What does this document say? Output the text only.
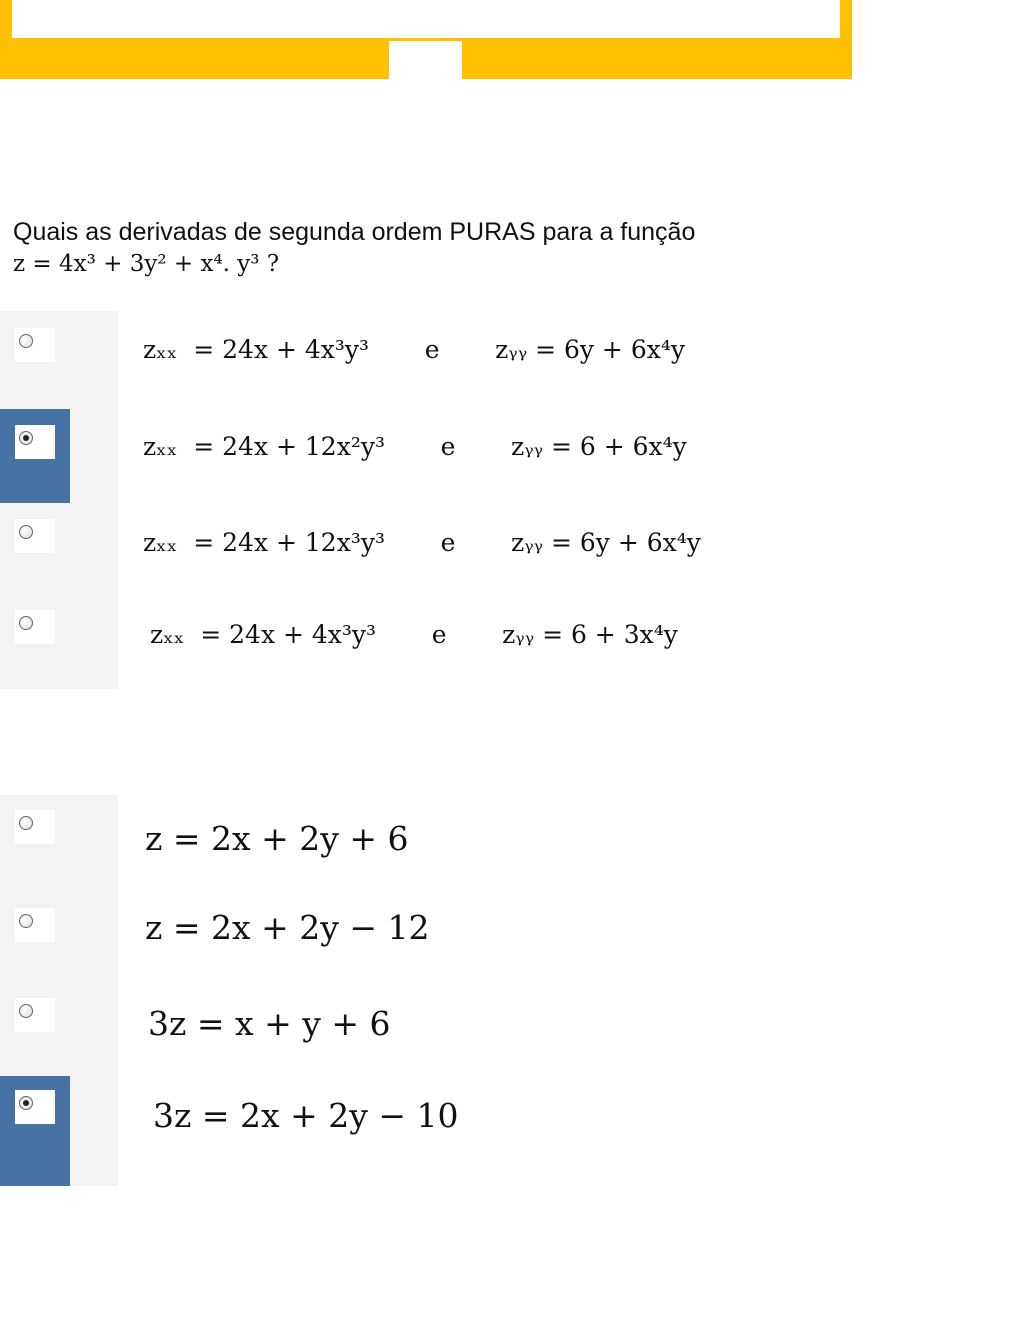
Quais as derivadas de segunda ordem PURAS para a função
z = 4x³ + 3y² + x⁴. y³ ?
zₓₓ  = 24x + 4x³y³       e       zᵧᵧ = 6y + 6x⁴y
zₓₓ  = 24x + 12x²y³       e       zᵧᵧ = 6 + 6x⁴y
zₓₓ  = 24x + 12x³y³       e       zᵧᵧ = 6y + 6x⁴y
zₓₓ  = 24x + 4x³y³       e       zᵧᵧ = 6 + 3x⁴y
z = 2x + 2y + 6
z = 2x + 2y − 12
3z = x + y + 6
3z = 2x + 2y − 10
